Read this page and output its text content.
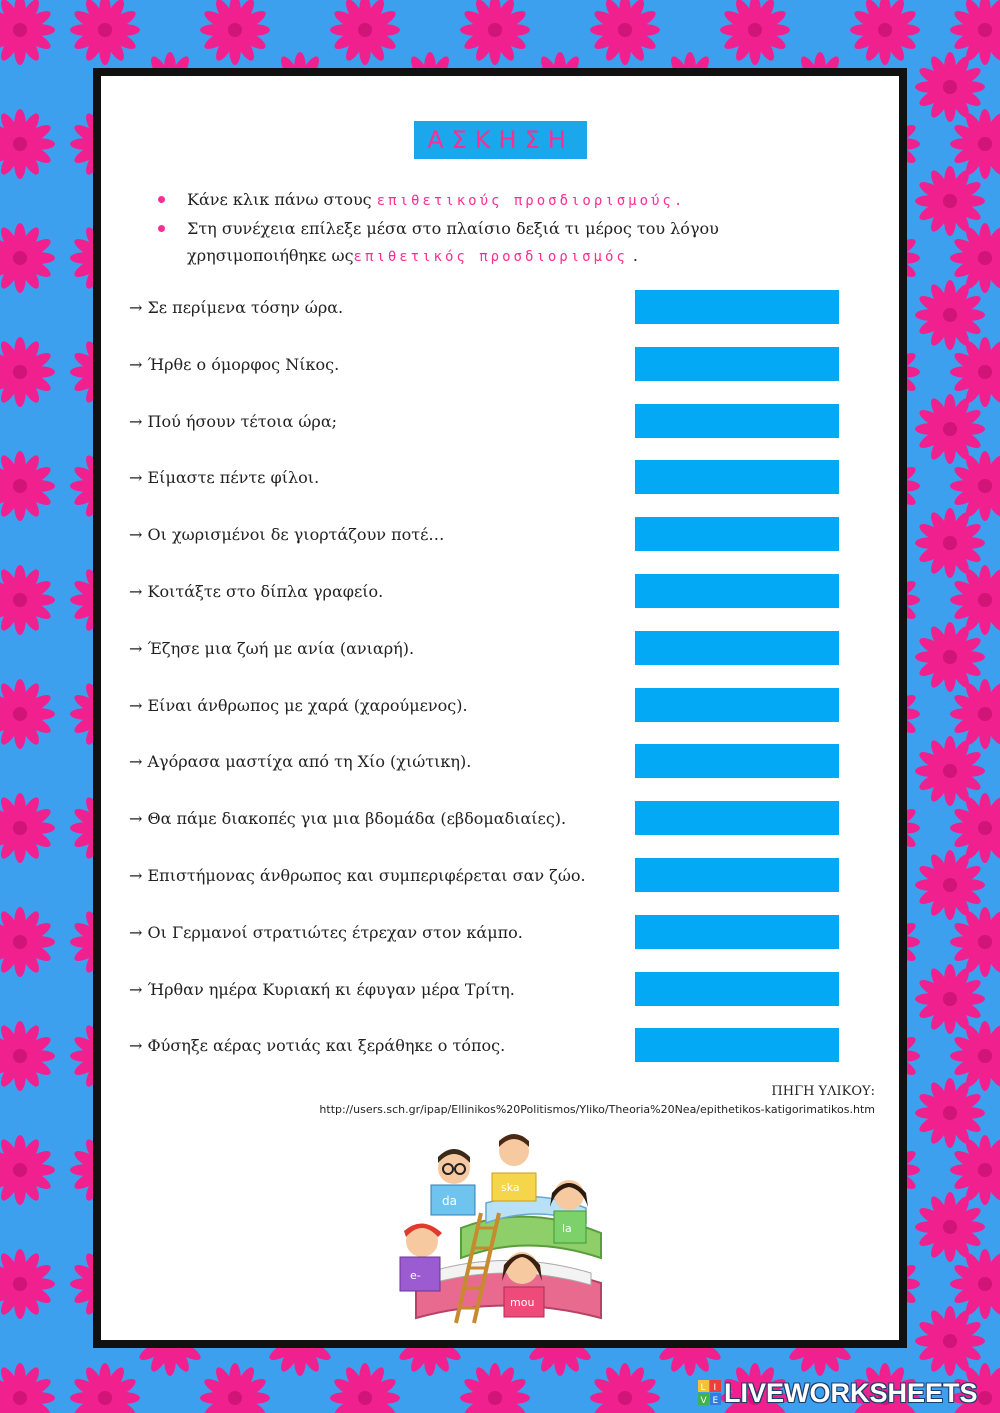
ΑΣΚΗΣΗ
Κάνε κλικ πάνω στους επιθετικούς προσδιορισμούς.
Στη συνέχεια επίλεξε μέσα στο πλαίσιο δεξιά τι μέρος του λόγου χρησιμοποιήθηκε ωςεπιθετικός προσδιορισμός .
→ Σε περίμενα τόσην ώρα.
→ Ήρθε ο όμορφος Νίκος.
→ Πού ήσουν τέτοια ώρα;
→ Είμαστε πέντε φίλοι.
→ Οι χωρισμένοι δε γιορτάζουν ποτέ…
→ Κοιτάξτε στο δίπλα γραφείο.
→ Έζησε μια ζωή με ανία (ανιαρή).
→ Είναι άνθρωπος με χαρά (χαρούμενος).
→ Αγόρασα μαστίχα από τη Χίο (χιώτικη).
→ Θα πάμε διακοπές για μια βδομάδα (εβδομαδιαίες).
→ Επιστήμονας άνθρωπος και συμπεριφέρεται σαν ζώο.
→ Οι Γερμανοί στρατιώτες έτρεχαν στον κάμπο.
→ Ήρθαν ημέρα Κυριακή κι έφυγαν μέρα Τρίτη.
→ Φύσηξε αέρας νοτιάς και ξεράθηκε ο τόπος.
ΠΗΓΗ ΥΛΙΚΟΥ:
http://users.sch.gr/ipap/Ellinikos%20Politismos/Yliko/Theoria%20Nea/epithetikos-katigorimatikos.htm
da
ska
la
e-
mou
L I
V E LIVEWORKSHEETS
